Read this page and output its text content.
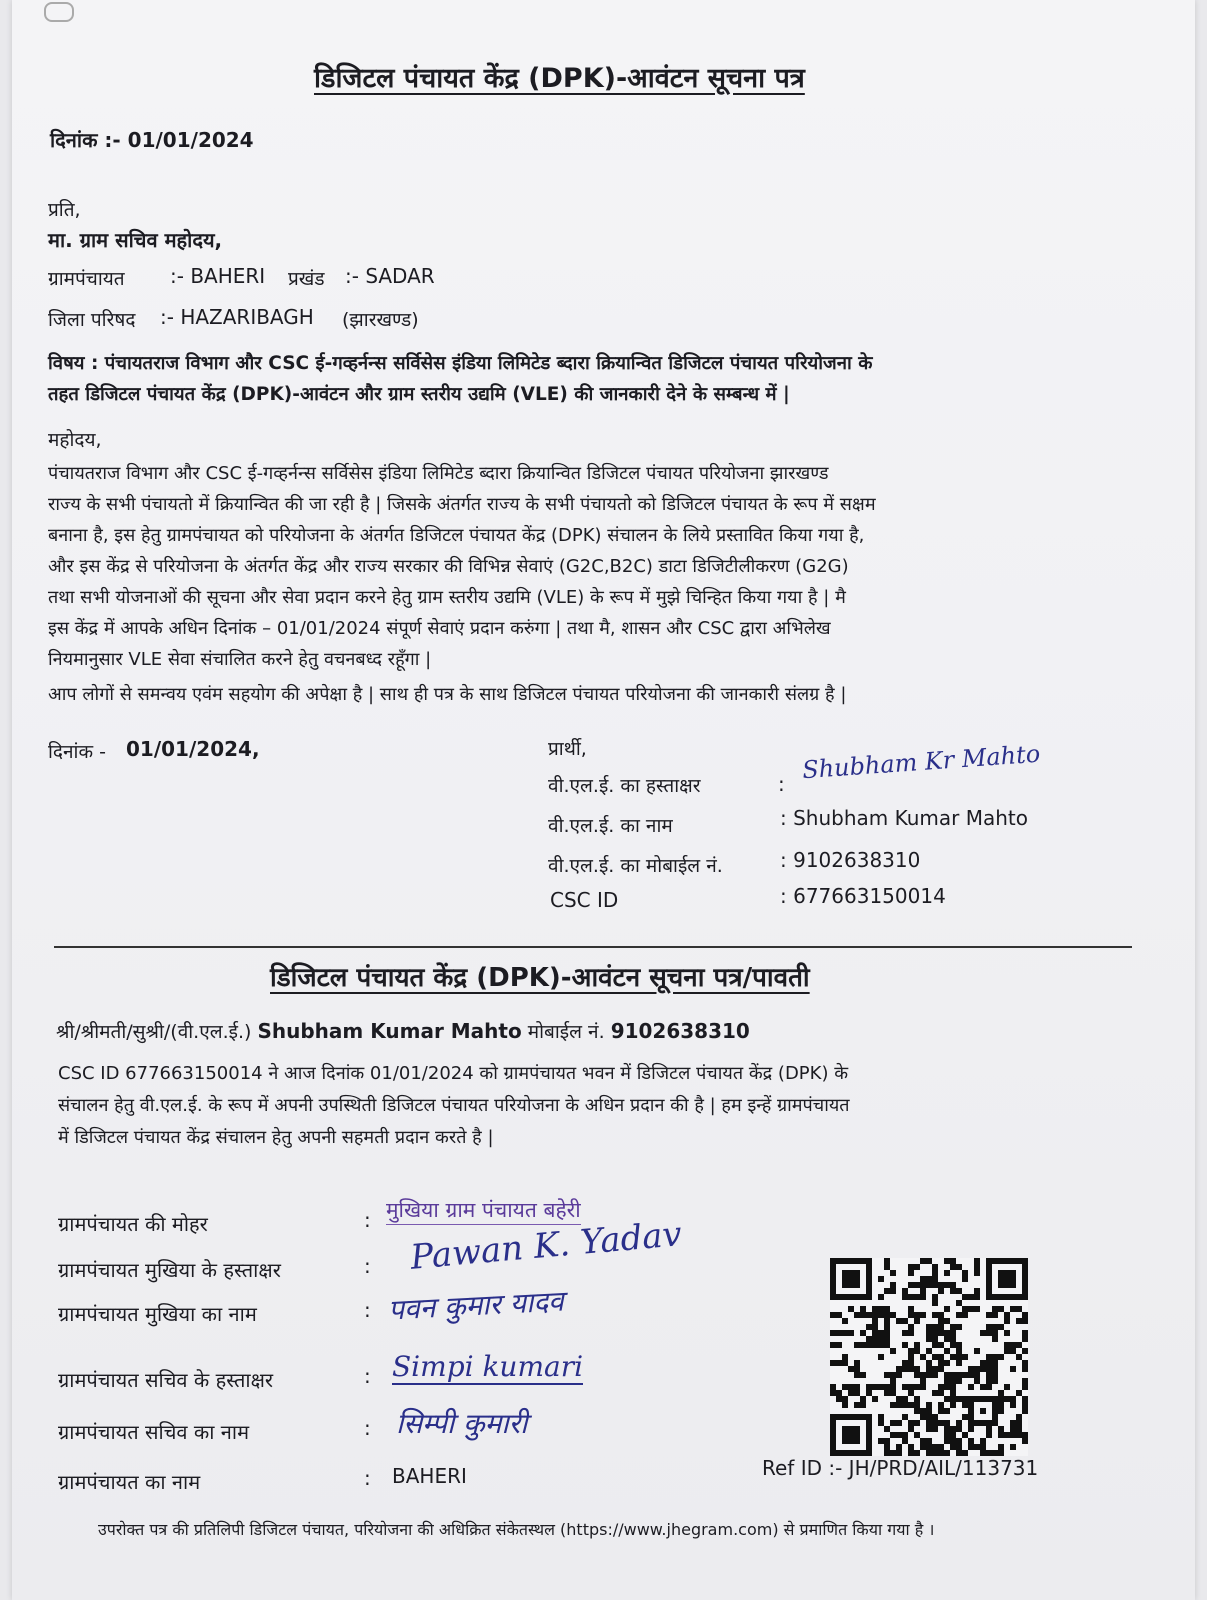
डिजिटल पंचायत केंद्र (DPK)-आवंटन सूचना पत्र
दिनांक :- 01/01/2024
प्रति,
मा. ग्राम सचिव महोदय,
ग्रामपंचायत :- BAHERI प्रखंड :- SADAR
जिला परिषद :- HAZARIBAGH (झारखण्ड)
विषय : पंचायतराज विभाग और CSC ई-गव्हर्नन्स सर्विसेस इंडिया लिमिटेड ब्दारा क्रियान्वित डिजिटल पंचायत परियोजना के
तहत डिजिटल पंचायत केंद्र (DPK)-आवंटन और ग्राम स्तरीय उद्यमि (VLE) की जानकारी देने के सम्बन्ध में |
महोदय,
पंचायतराज विभाग और CSC ई-गव्हर्नन्स सर्विसेस इंडिया लिमिटेड ब्दारा क्रियान्वित डिजिटल पंचायत परियोजना झारखण्ड
राज्य के सभी पंचायतो में क्रियान्वित की जा रही है | जिसके अंतर्गत राज्य के सभी पंचायतो को डिजिटल पंचायत के रूप में सक्षम
बनाना है, इस हेतु ग्रामपंचायत को परियोजना के अंतर्गत डिजिटल पंचायत केंद्र (DPK) संचालन के लिये प्रस्तावित किया गया है,
और इस केंद्र से परियोजना के अंतर्गत केंद्र और राज्य सरकार की विभिन्न सेवाएं (G2C,B2C) डाटा डिजिटीलीकरण (G2G)
तथा सभी योजनाओं की सूचना और सेवा प्रदान करने हेतु ग्राम स्तरीय उद्यमि (VLE) के रूप में मुझे चिन्हित किया गया है | मै
इस केंद्र में आपके अधिन दिनांक – 01/01/2024 संपूर्ण सेवाएं प्रदान करुंगा | तथा मै, शासन और CSC द्वारा अभिलेख
नियमानुसार VLE सेवा संचालित करने हेतु वचनबध्द रहूँगा |
आप लोगों से समन्वय एवंम सहयोग की अपेक्षा है | साथ ही पत्र के साथ डिजिटल पंचायत परियोजना की जानकारी संलग्र है |
दिनांक - 01/01/2024,	प्रार्थी,
वी.एल.ई. का हस्ताक्षर	: Shubham Kr Mahto
वी.एल.ई. का नाम	: Shubham Kumar Mahto
वी.एल.ई. का मोबाईल नं.	: 9102638310
CSC ID	: 677663150014
डिजिटल पंचायत केंद्र (DPK)-आवंटन सूचना पत्र/पावती
श्री/श्रीमती/सुश्री/(वी.एल.ई.) Shubham Kumar Mahto मोबाईल नं. 9102638310
CSC ID 677663150014 ने आज दिनांक 01/01/2024 को ग्रामपंचायत भवन में डिजिटल पंचायत केंद्र (DPK) के
संचालन हेतु वी.एल.ई. के रूप में अपनी उपस्थिती डिजिटल पंचायत परियोजना के अधिन प्रदान की है | हम इन्हें ग्रामपंचायत
में डिजिटल पंचायत केंद्र संचालन हेतु अपनी सहमती प्रदान करते है |
ग्रामपंचायत की मोहर	: मुखिया ग्राम पंचायत बहेरी
ग्रामपंचायत मुखिया के हस्ताक्षर	: Pawan K. Yadav
ग्रामपंचायत मुखिया का नाम	: पवन कुमार यादव
ग्रामपंचायत सचिव के हस्ताक्षर	: Simpi kumari
ग्रामपंचायत सचिव का नाम	: सिम्पी कुमारी
ग्रामपंचायत का नाम	: BAHERI	Ref ID :- JH/PRD/AIL/113731
उपरोक्त पत्र की प्रतिलिपी डिजिटल पंचायत, परियोजना की अधिक्रित संकेतस्थल (https://www.jhegram.com) से प्रमाणित किया गया है ।
